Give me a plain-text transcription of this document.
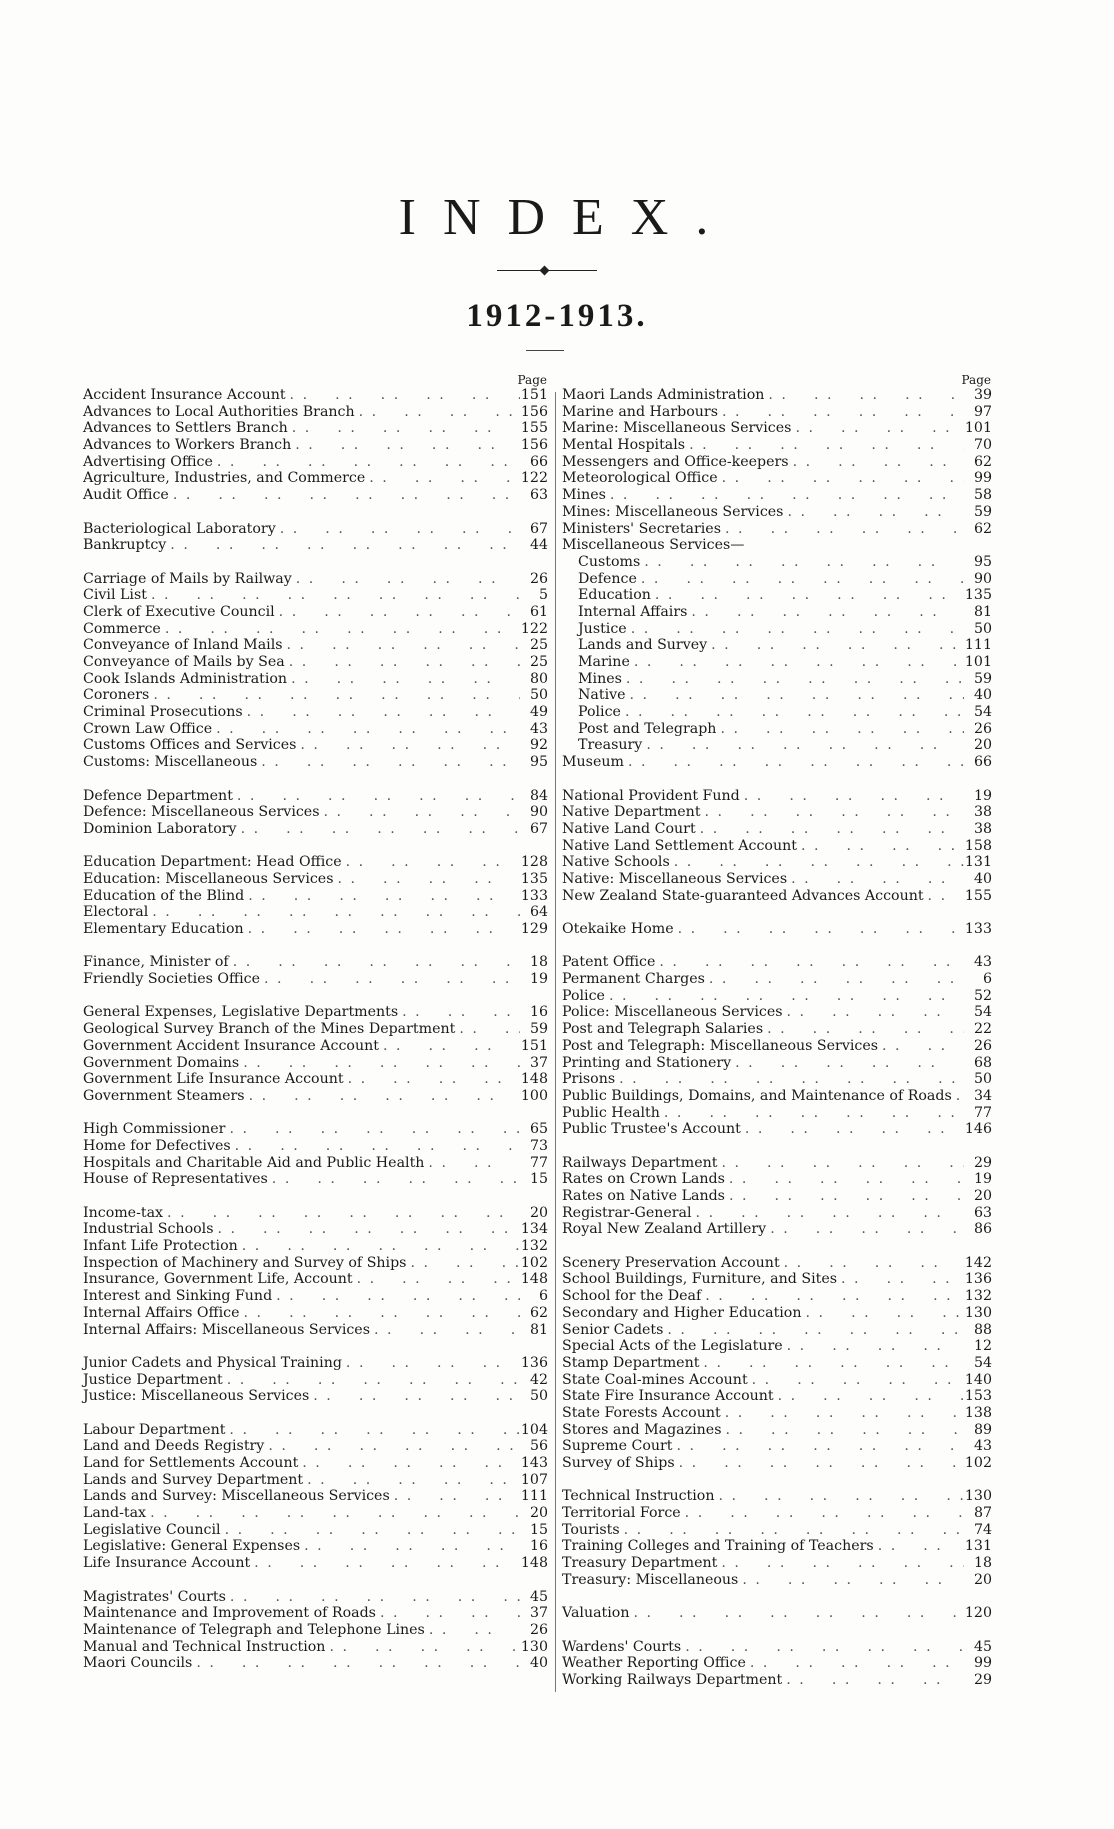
INDEX.
1912-1913.
Page
Accident Insurance Account . .	151
Advances to Local Authorities Branch . .	156
Advances to Settlers Branch . .	155
Advances to Workers Branch . .	156
Advertising Office . .	66
Agriculture, Industries, and Commerce . .	122
Audit Office . .	63
Bacteriological Laboratory . .	67
Bankruptcy . .	44
Carriage of Mails by Railway . .	26
Civil List . .	5
Clerk of Executive Council . .	61
Commerce . .	122
Conveyance of Inland Mails . .	25
Conveyance of Mails by Sea . .	25
Cook Islands Administration . .	80
Coroners . .	50
Criminal Prosecutions . .	49
Crown Law Office . .	43
Customs Offices and Services . .	92
Customs: Miscellaneous . .	95
Defence Department . .	84
Defence: Miscellaneous Services . .	90
Dominion Laboratory . .	67
Education Department: Head Office . .	128
Education: Miscellaneous Services . .	135
Education of the Blind . .	133
Electoral . .	64
Elementary Education . .	129
Finance, Minister of . .	18
Friendly Societies Office . .	19
General Expenses, Legislative Departments . .	16
Geological Survey Branch of the Mines Department . .	59
Government Accident Insurance Account . .	151
Government Domains . .	37
Government Life Insurance Account . .	148
Government Steamers . .	100
High Commissioner . .	65
Home for Defectives . .	73
Hospitals and Charitable Aid and Public Health . .	77
House of Representatives . .	15
Income-tax . .	20
Industrial Schools . .	134
Infant Life Protection . .	132
Inspection of Machinery and Survey of Ships . .	102
Insurance, Government Life, Account . .	148
Interest and Sinking Fund . .	6
Internal Affairs Office . .	62
Internal Affairs: Miscellaneous Services . .	81
Junior Cadets and Physical Training . .	136
Justice Department . .	42
Justice: Miscellaneous Services . .	50
Labour Department . .	104
Land and Deeds Registry . .	56
Land for Settlements Account . .	143
Lands and Survey Department . .	107
Lands and Survey: Miscellaneous Services . .	111
Land-tax . .	20
Legislative Council . .	15
Legislative: General Expenses . .	16
Life Insurance Account . .	148
Magistrates' Courts . .	45
Maintenance and Improvement of Roads . .	37
Maintenance of Telegraph and Telephone Lines . .	26
Manual and Technical Instruction . .	130
Maori Councils . .	40
Page
Maori Lands Administration . .	39
Marine and Harbours . .	97
Marine: Miscellaneous Services . .	101
Mental Hospitals . .	70
Messengers and Office-keepers . .	62
Meteorological Office . .	99
Mines . .	58
Mines: Miscellaneous Services . .	59
Ministers' Secretaries . .	62
Miscellaneous Services—
Customs . .	95
Defence . .	90
Education . .	135
Internal Affairs . .	81
Justice . .	50
Lands and Survey . .	111
Marine . .	101
Mines . .	59
Native . .	40
Police . .	54
Post and Telegraph . .	26
Treasury . .	20
Museum . .	66
National Provident Fund . .	19
Native Department . .	38
Native Land Court . .	38
Native Land Settlement Account . .	158
Native Schools . .	131
Native: Miscellaneous Services . .	40
New Zealand State-guaranteed Advances Account . .	155
Otekaike Home . .	133
Patent Office . .	43
Permanent Charges . .	6
Police . .	52
Police: Miscellaneous Services . .	54
Post and Telegraph Salaries . .	22
Post and Telegraph: Miscellaneous Services . .	26
Printing and Stationery . .	68
Prisons . .	50
Public Buildings, Domains, and Maintenance of Roads . .	34
Public Health . .	77
Public Trustee's Account . .	146
Railways Department . .	29
Rates on Crown Lands . .	19
Rates on Native Lands . .	20
Registrar-General . .	63
Royal New Zealand Artillery . .	86
Scenery Preservation Account . .	142
School Buildings, Furniture, and Sites . .	136
School for the Deaf . .	132
Secondary and Higher Education . .	130
Senior Cadets . .	88
Special Acts of the Legislature . .	12
Stamp Department . .	54
State Coal-mines Account . .	140
State Fire Insurance Account . .	153
State Forests Account . .	138
Stores and Magazines . .	89
Supreme Court . .	43
Survey of Ships . .	102
Technical Instruction . .	130
Territorial Force . .	87
Tourists . .	74
Training Colleges and Training of Teachers . .	131
Treasury Department . .	18
Treasury: Miscellaneous . .	20
Valuation . .	120
Wardens' Courts . .	45
Weather Reporting Office . .	99
Working Railways Department . .	29
